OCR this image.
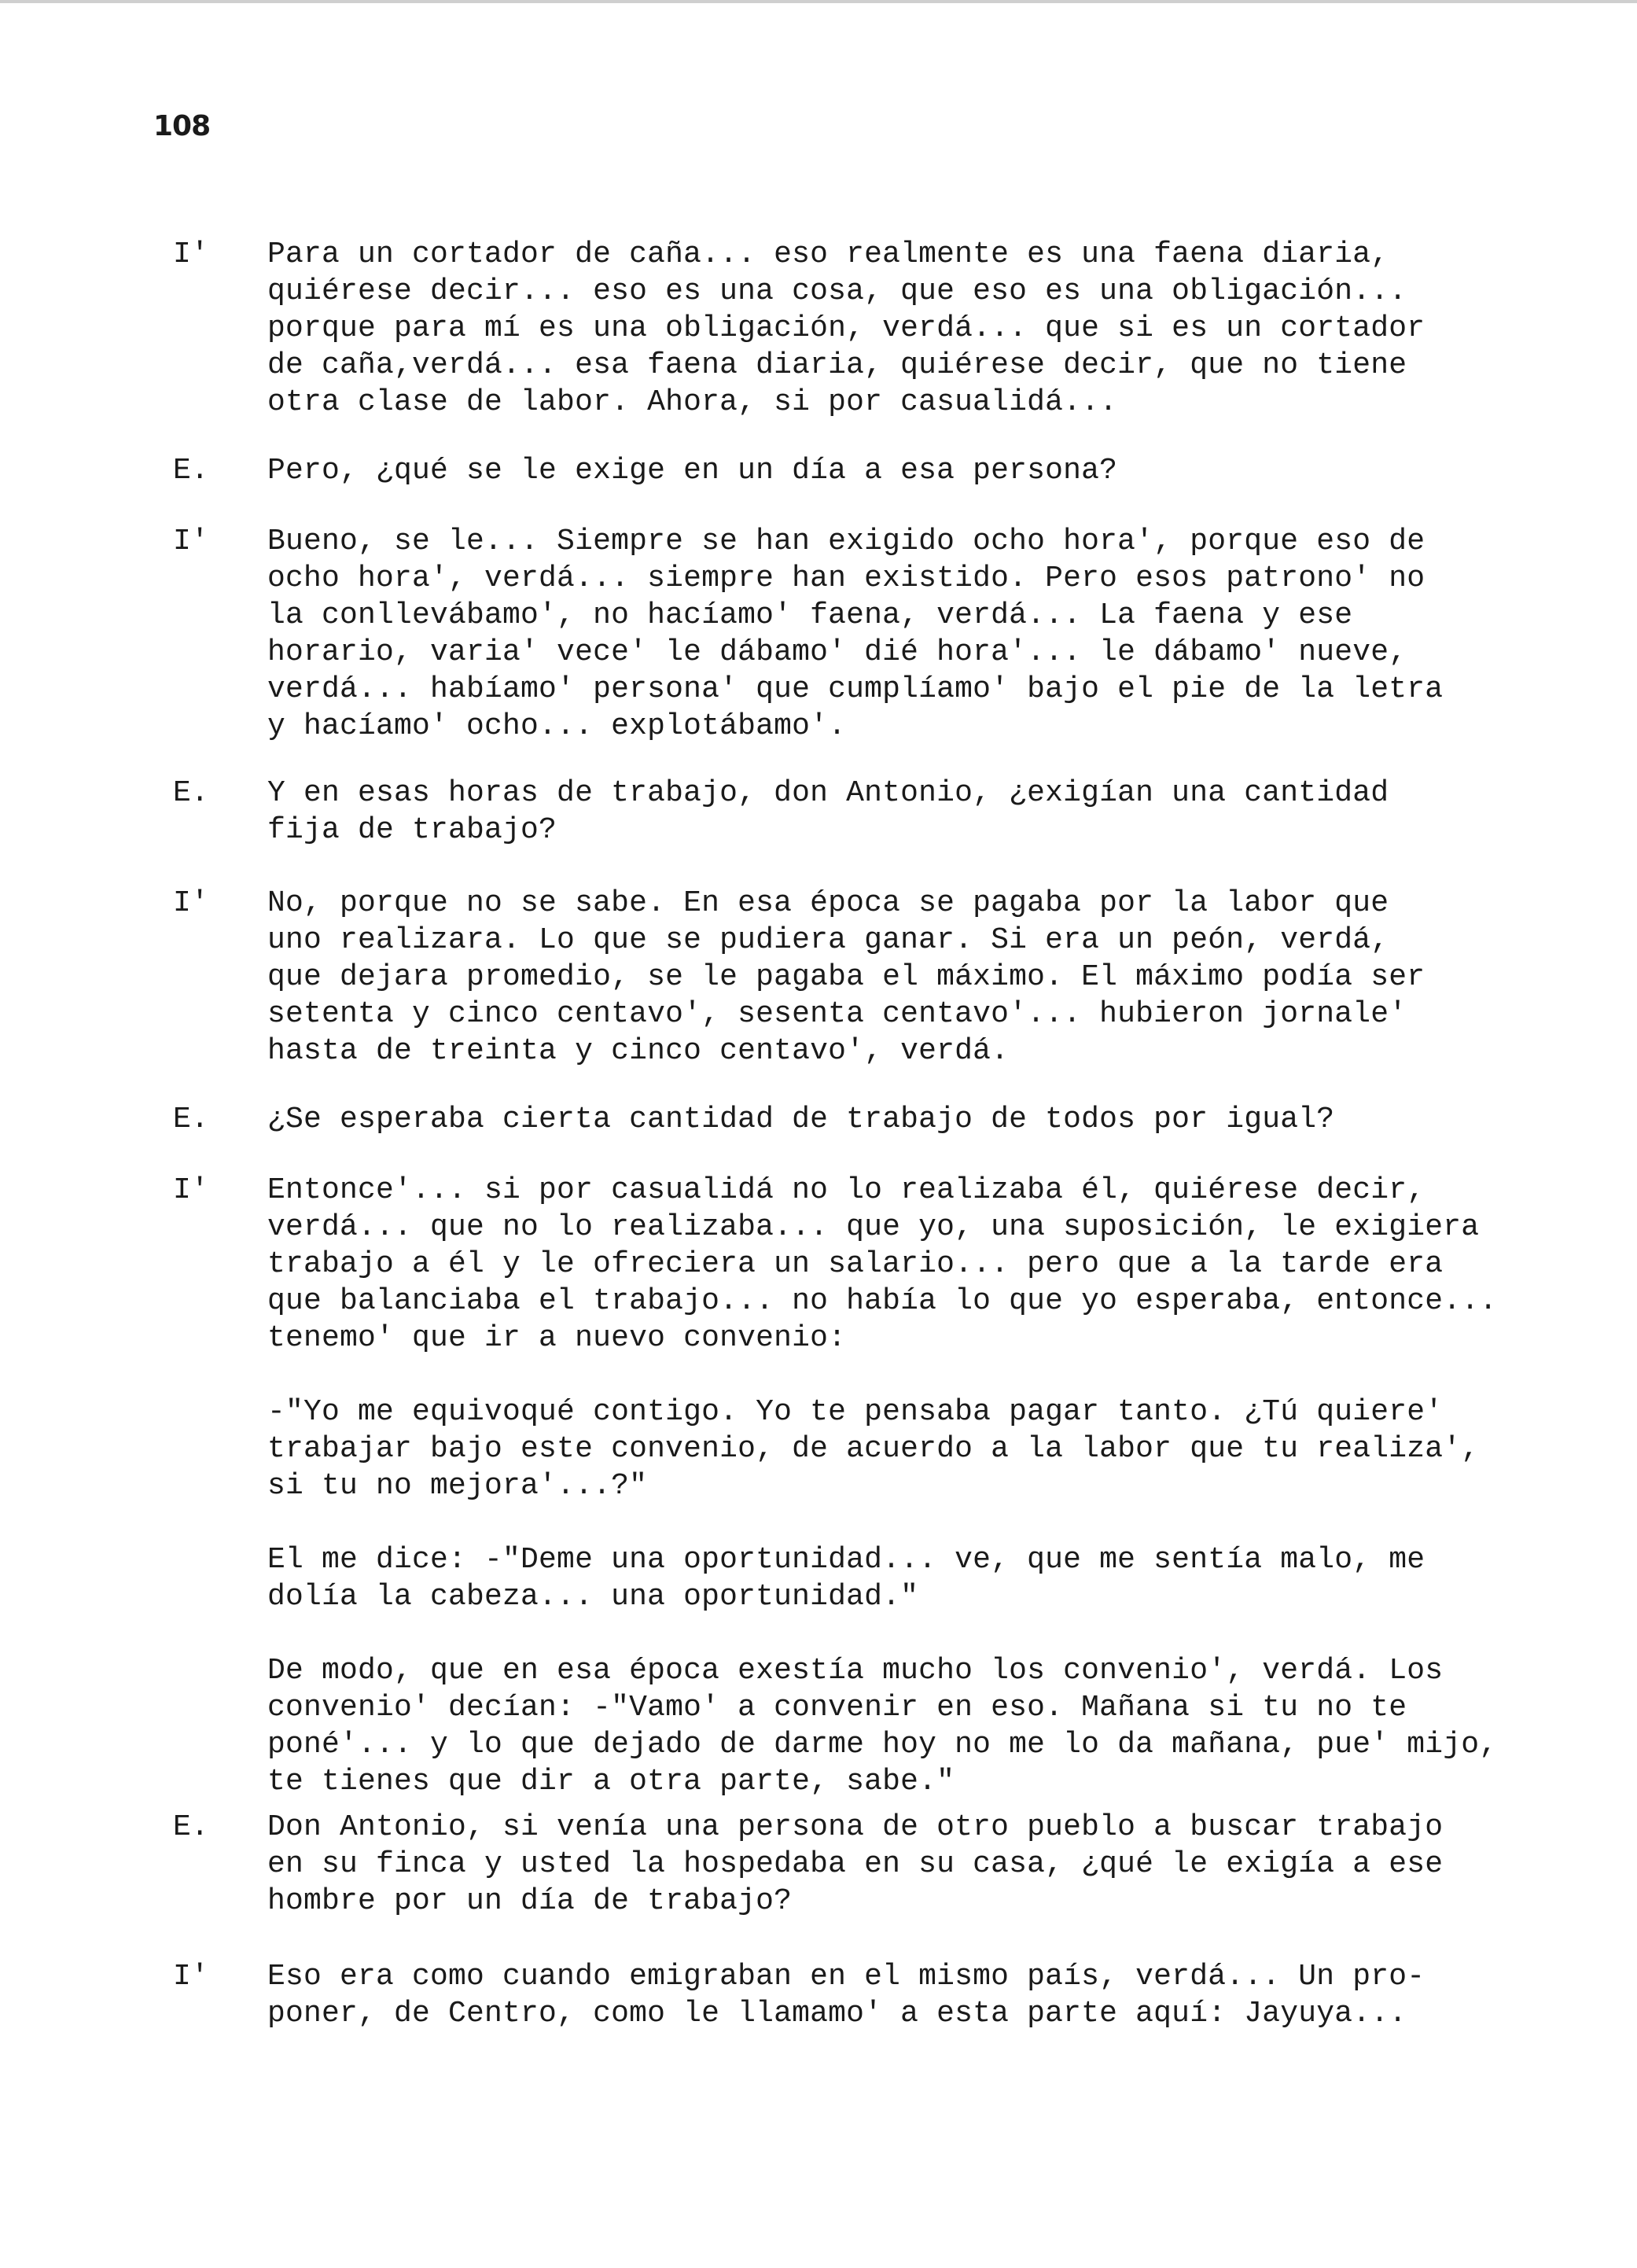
108
I' Para un cortador de caña... eso realmente es una faena diaria,
quiérese decir... eso es una cosa, que eso es una obligación...
porque para mí es una obligación, verdá... que si es un cortador
de caña,verdá... esa faena diaria, quiérese decir, que no tiene
otra clase de labor. Ahora, si por casualidá...
E. Pero, ¿qué se le exige en un día a esa persona?
I' Bueno, se le... Siempre se han exigido ocho hora', porque eso de
ocho hora', verdá... siempre han existido. Pero esos patrono' no
la conllevábamo', no hacíamo' faena, verdá... La faena y ese
horario, varia' vece' le dábamo' dié hora'... le dábamo' nueve,
verdá... habíamo' persona' que cumplíamo' bajo el pie de la letra
y hacíamo' ocho... explotábamo'.
E. Y en esas horas de trabajo, don Antonio, ¿exigían una cantidad
fija de trabajo?
I' No, porque no se sabe. En esa época se pagaba por la labor que
uno realizara. Lo que se pudiera ganar. Si era un peón, verdá,
que dejara promedio, se le pagaba el máximo. El máximo podía ser
setenta y cinco centavo', sesenta centavo'... hubieron jornale'
hasta de treinta y cinco centavo', verdá.
E. ¿Se esperaba cierta cantidad de trabajo de todos por igual?
I' Entonce'... si por casualidá no lo realizaba él, quiérese decir,
verdá... que no lo realizaba... que yo, una suposición, le exigiera
trabajo a él y le ofreciera un salario... pero que a la tarde era
que balanciaba el trabajo... no había lo que yo esperaba, entonce...
tenemo' que ir a nuevo convenio:
-"Yo me equivoqué contigo. Yo te pensaba pagar tanto. ¿Tú quiere'
trabajar bajo este convenio, de acuerdo a la labor que tu realiza',
si tu no mejora'...?"
El me dice: -"Deme una oportunidad... ve, que me sentía malo, me
dolía la cabeza... una oportunidad."
De modo, que en esa época exestía mucho los convenio', verdá. Los
convenio' decían: -"Vamo' a convenir en eso. Mañana si tu no te
poné'... y lo que dejado de darme hoy no me lo da mañana, pue' mijo,
te tienes que dir a otra parte, sabe."
E. Don Antonio, si venía una persona de otro pueblo a buscar trabajo
en su finca y usted la hospedaba en su casa, ¿qué le exigía a ese
hombre por un día de trabajo?
I' Eso era como cuando emigraban en el mismo país, verdá... Un pro-
poner, de Centro, como le llamamo' a esta parte aquí: Jayuya...
